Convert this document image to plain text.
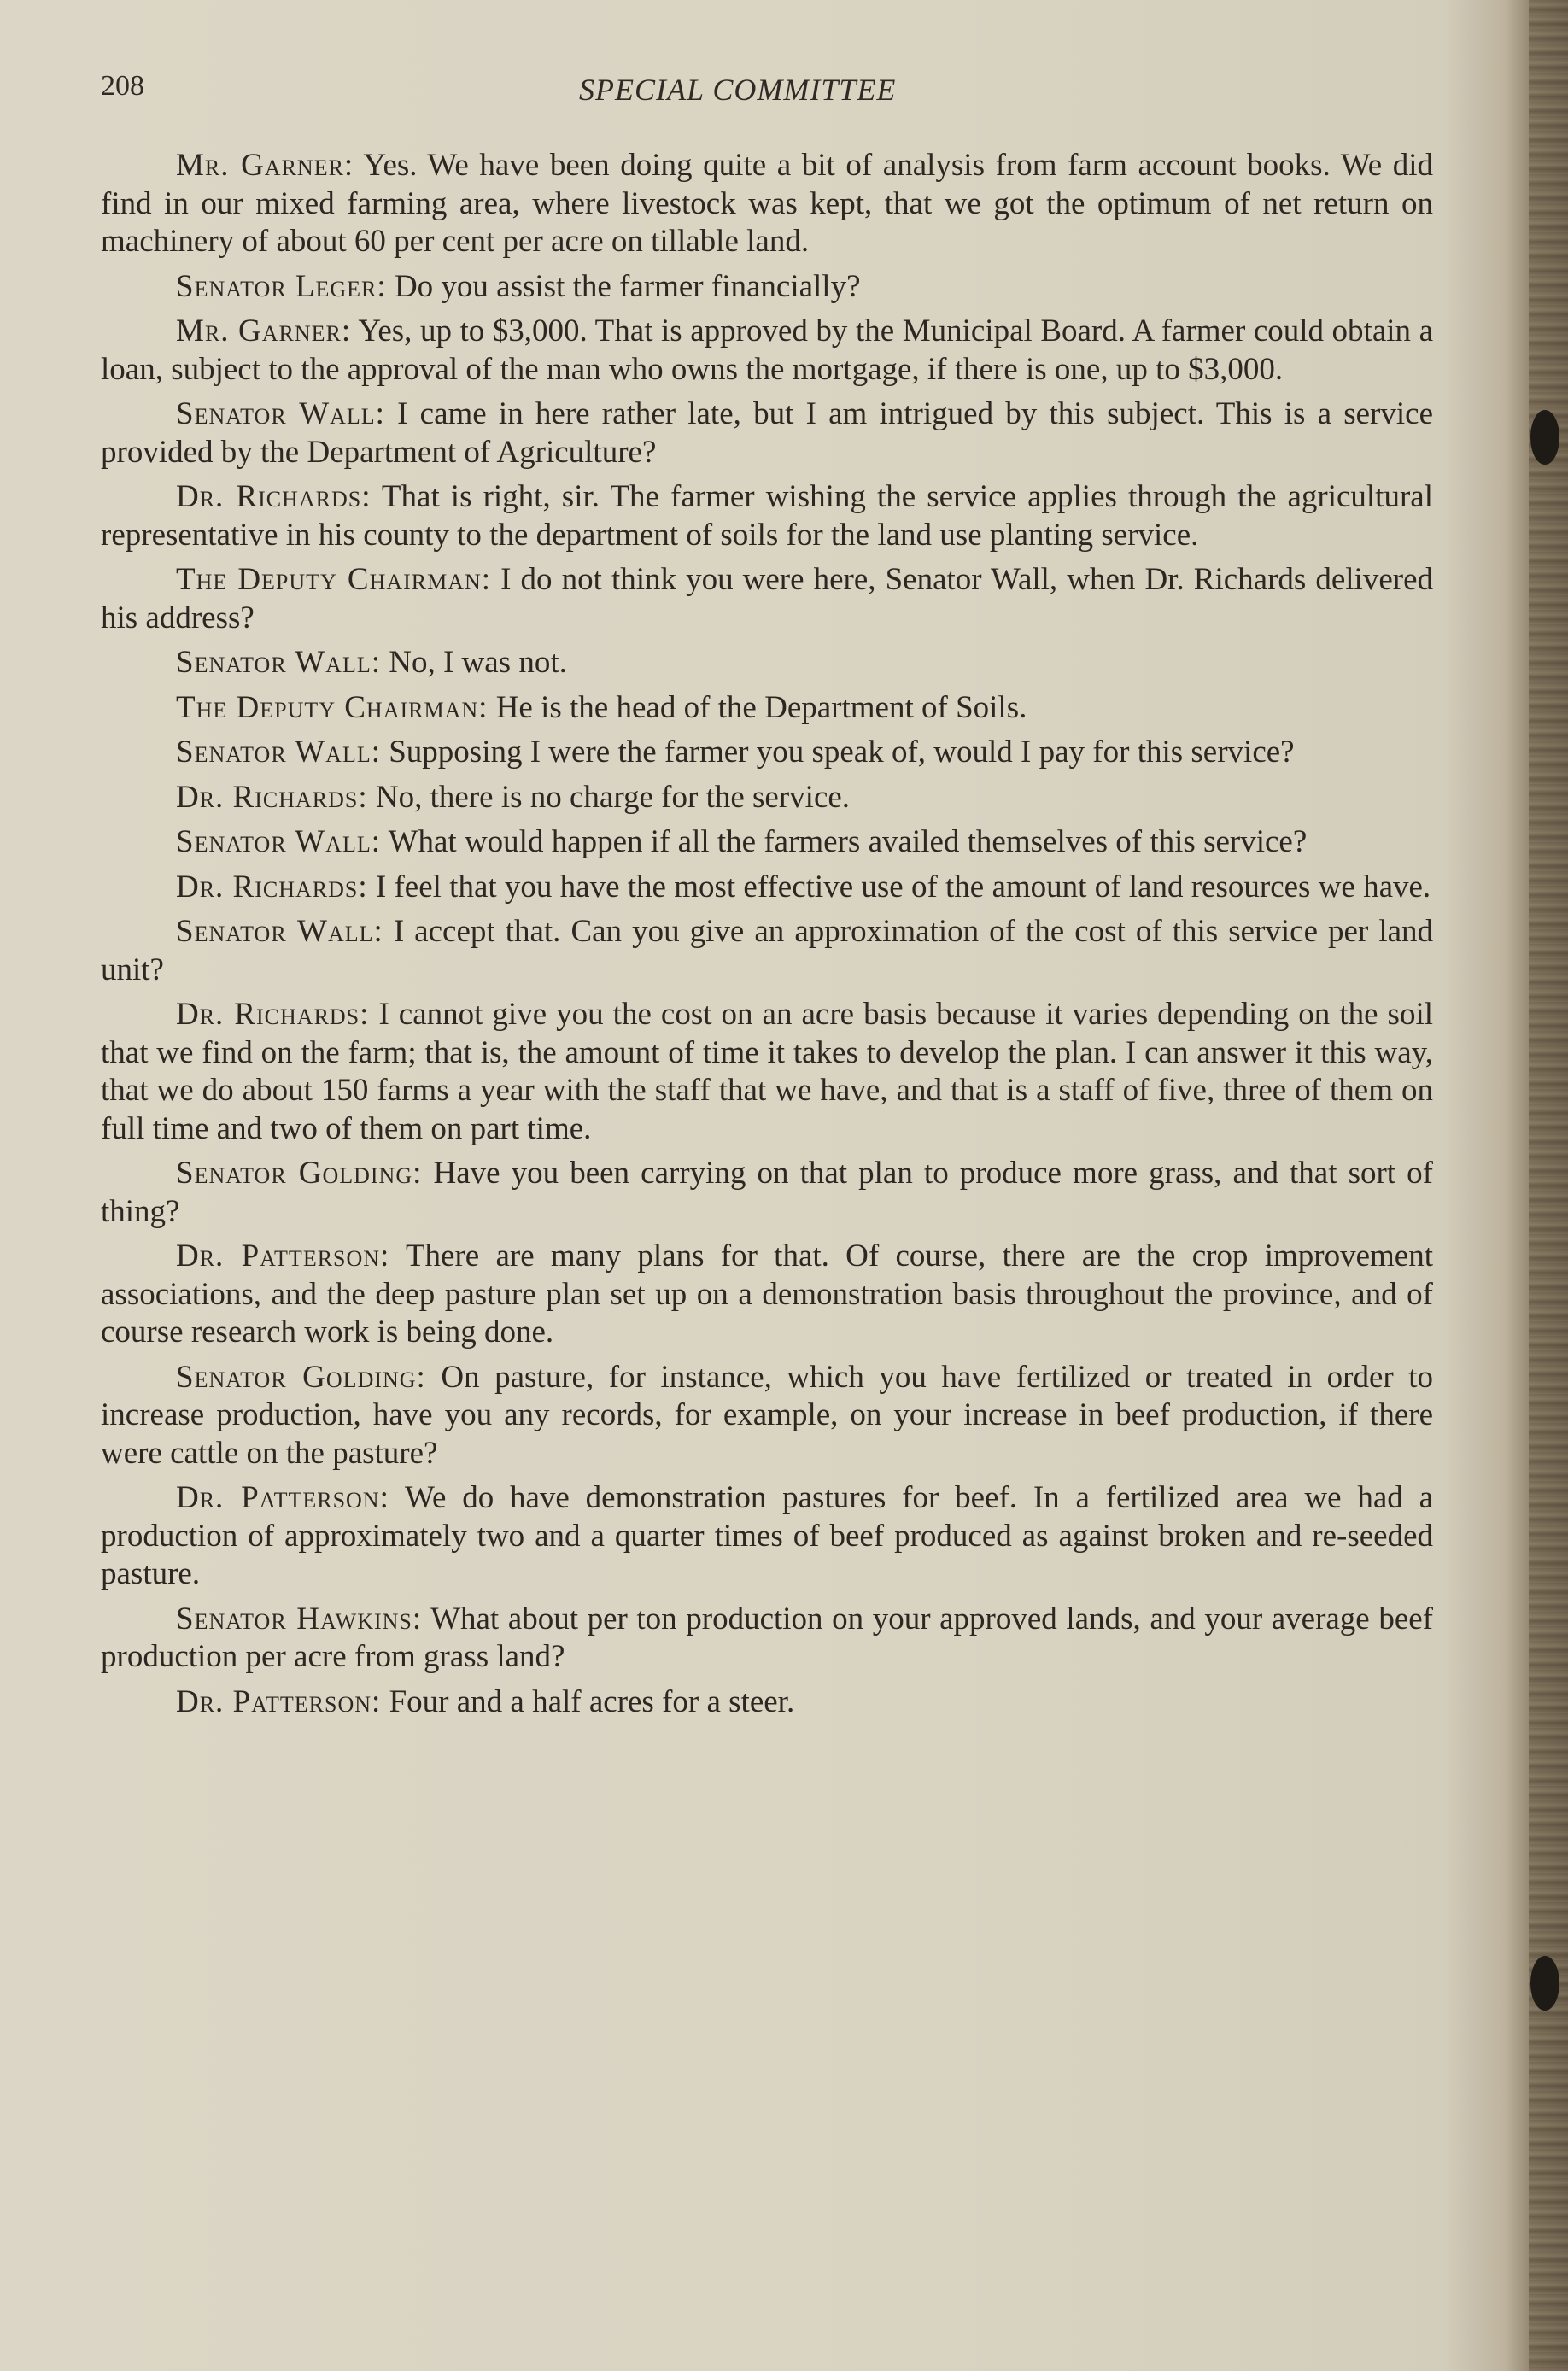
208	SPECIAL COMMITTEE

Mr. Garner: Yes. We have been doing quite a bit of analysis from farm account books. We did find in our mixed farming area, where livestock was kept, that we got the optimum of net return on machinery of about 60 per cent per acre on tillable land.

Senator Leger: Do you assist the farmer financially?

Mr. Garner: Yes, up to $3,000. That is approved by the Municipal Board. A farmer could obtain a loan, subject to the approval of the man who owns the mortgage, if there is one, up to $3,000.

Senator Wall: I came in here rather late, but I am intrigued by this subject. This is a service provided by the Department of Agriculture?

Dr. Richards: That is right, sir. The farmer wishing the service applies through the agricultural representative in his county to the department of soils for the land use planting service.

The Deputy Chairman: I do not think you were here, Senator Wall, when Dr. Richards delivered his address?

Senator Wall: No, I was not.

The Deputy Chairman: He is the head of the Department of Soils.

Senator Wall: Supposing I were the farmer you speak of, would I pay for this service?

Dr. Richards: No, there is no charge for the service.

Senator Wall: What would happen if all the farmers availed themselves of this service?

Dr. Richards: I feel that you have the most effective use of the amount of land resources we have.

Senator Wall: I accept that. Can you give an approximation of the cost of this service per land unit?

Dr. Richards: I cannot give you the cost on an acre basis because it varies depending on the soil that we find on the farm; that is, the amount of time it takes to develop the plan. I can answer it this way, that we do about 150 farms a year with the staff that we have, and that is a staff of five, three of them on full time and two of them on part time.

Senator Golding: Have you been carrying on that plan to produce more grass, and that sort of thing?

Dr. Patterson: There are many plans for that. Of course, there are the crop improvement associations, and the deep pasture plan set up on a demonstration basis throughout the province, and of course research work is being done.

Senator Golding: On pasture, for instance, which you have fertilized or treated in order to increase production, have you any records, for example, on your increase in beef production, if there were cattle on the pasture?

Dr. Patterson: We do have demonstration pastures for beef. In a fertilized area we had a production of approximately two and a quarter times of beef produced as against broken and re-seeded pasture.

Senator Hawkins: What about per ton production on your approved lands, and your average beef production per acre from grass land?

Dr. Patterson: Four and a half acres for a steer.
